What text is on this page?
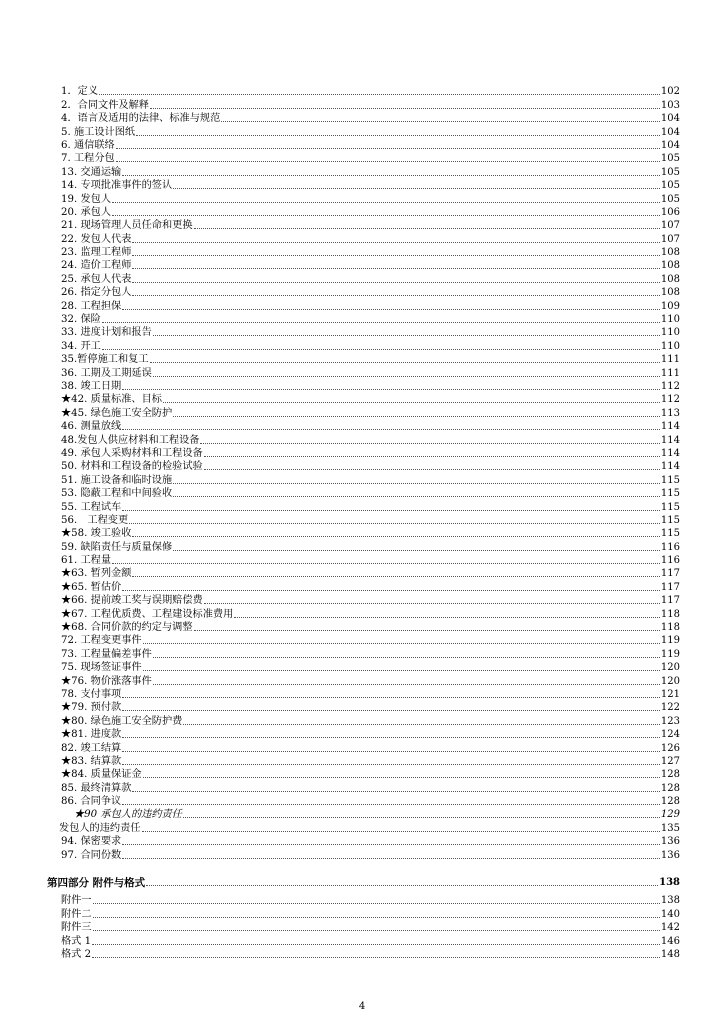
1．定义	102
2．合同文件及解释	103
4．语言及适用的法律、标准与规范	104
5. 施工设计图纸	104
6. 通信联络	104
7. 工程分包	105
13. 交通运输	105
14. 专项批准事件的签认	105
19. 发包人	105
20. 承包人	106
21. 现场管理人员任命和更换	107
22. 发包人代表	107
23. 监理工程师	108
24. 造价工程师	108
25. 承包人代表	108
26. 指定分包人	108
28. 工程担保	109
32. 保险	110
33. 进度计划和报告	110
34. 开工	110
35.暂停施工和复工	111
36. 工期及工期延误	111
38. 竣工日期	112
★42. 质量标准、目标	112
★45. 绿色施工安全防护	113
46. 测量放线	114
48.发包人供应材料和工程设备	114
49. 承包人采购材料和工程设备	114
50. 材料和工程设备的检验试验	114
51. 施工设备和临时设施	115
53. 隐蔽工程和中间验收	115
55. 工程试车	115
56.　工程变更	115
★58. 竣工验收	115
59. 缺陷责任与质量保修	116
61. 工程量	116
★63. 暂列金额	117
★65. 暂估价	117
★66. 提前竣工奖与误期赔偿费	117
★67. 工程优质费、工程建设标准费用	118
★68. 合同价款的约定与调整	118
72. 工程变更事件	119
73. 工程量偏差事件	119
75. 现场签证事件	120
★76. 物价涨落事件	120
78. 支付事项	121
★79. 预付款	122
★80. 绿色施工安全防护费	123
★81. 进度款	124
82. 竣工结算	126
★83. 结算款	127
★84. 质量保证金	128
85. 最终清算款	128
86. 合同争议	128
★90 承包人的违约责任	129
发包人的违约责任	135
94. 保密要求	136
97. 合同份数	136
第四部分 附件与格式	138
附件一	138
附件二	140
附件三	142
格式 1	146
格式 2	148
4
